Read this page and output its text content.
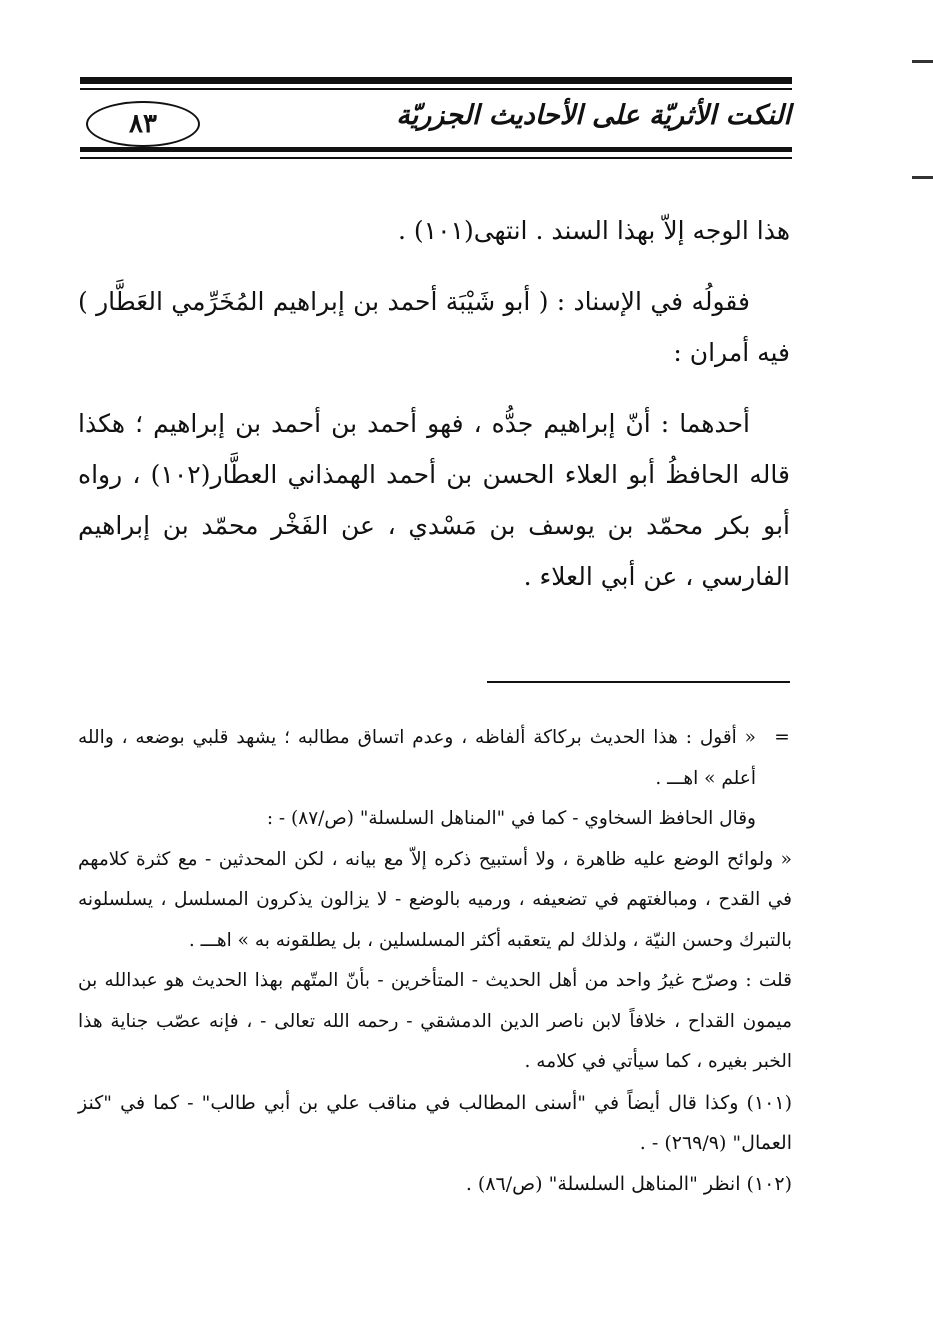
النكت الأثريّة على الأحاديث الجزريّة
٨٣

هذا الوجه إلاّ بهذا السند . انتهى(١٠١) .

فقولُه في الإسناد : ( أبو شَيْبَة أحمد بن إبراهيم المُخَرِّمي العَطَّار ) فيه أمران :

أحدهما : أنّ إبراهيم جدُّه ، فهو أحمد بن أحمد بن إبراهيم ؛ هكذا قاله الحافظُ أبو العلاء الحسن بن أحمد الهمذاني العطَّار(١٠٢) ، رواه أبو بكر محمّد بن يوسف بن مَسْدي ، عن الفَخْر محمّد بن إبراهيم الفارسي ، عن أبي العلاء .

=

« أقول : هذا الحديث بركاكة ألفاظه ، وعدم اتساق مطالبه ؛ يشهد قلبي بوضعه ، والله أعلم » اهـــ .

وقال الحافظ السخاوي - كما في "المناهل السلسلة" (ص/٨٧) - :

« ولوائح الوضع عليه ظاهرة ، ولا أستبيح ذكره إلاّ مع بيانه ، لكن المحدثين - مع كثرة كلامهم في القدح ، ومبالغتهم في تضعيفه ، ورميه بالوضع - لا يزالون يذكرون المسلسل ، يسلسلونه بالتبرك وحسن النيّة ، ولذلك لم يتعقبه أكثر المسلسلين ، بل يطلقونه به » اهـــ .

قلت : وصرّح غيرُ واحد من أهل الحديث - المتأخرين - بأنّ المتّهم بهذا الحديث هو عبدالله بن ميمون القداح ، خلافاً لابن ناصر الدين الدمشقي - رحمه الله تعالى - ، فإنه عصّب جناية هذا الخبر بغيره ، كما سيأتي في كلامه .

(١٠١) وكذا قال أيضاً في "أسنى المطالب في مناقب علي بن أبي طالب" - كما في "كنز العمال" (٢٦٩/٩) - .

(١٠٢) انظر "المناهل السلسلة" (ص/٨٦) .
